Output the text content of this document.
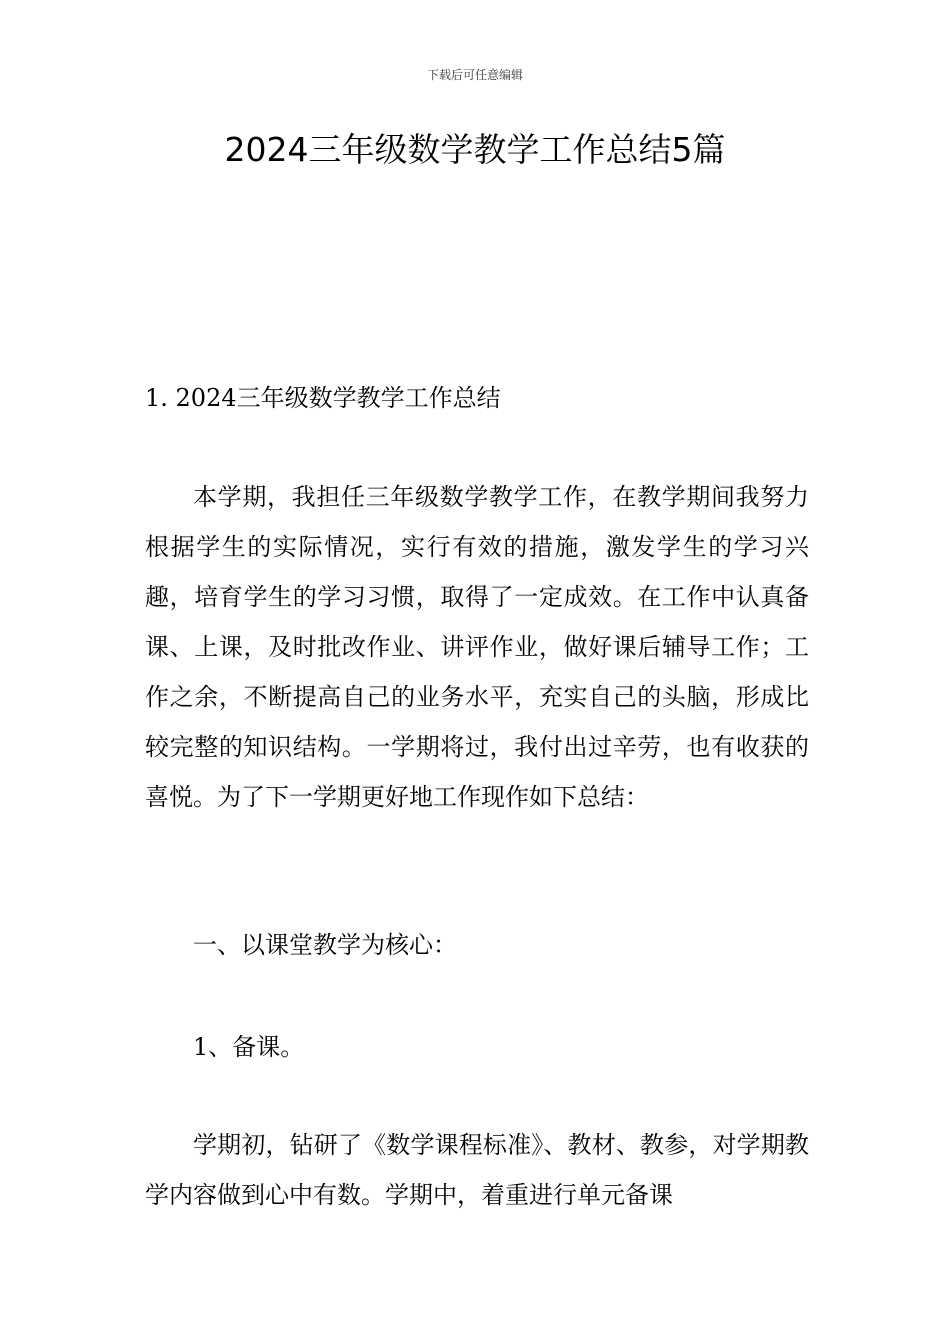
下载后可任意编辑
2024三年级数学教学工作总结5篇
1. 2024三年级数学教学工作总结

本学期，我担任三年级数学教学工作，在教学期间我努力根据学生的实际情况，实行有效的措施，激发学生的学习兴趣，培育学生的学习习惯，取得了一定成效。在工作中认真备课、上课，及时批改作业、讲评作业，做好课后辅导工作；工作之余，不断提高自己的业务水平，充实自己的头脑，形成比较完整的知识结构。一学期将过，我付出过辛劳，也有收获的喜悦。为了下一学期更好地工作现作如下总结：

一、以课堂教学为核心：

1、备课。

学期初，钻研了《数学课程标准》、教材、教参，对学期教学内容做到心中有数。学期中，着重进行单元备课
